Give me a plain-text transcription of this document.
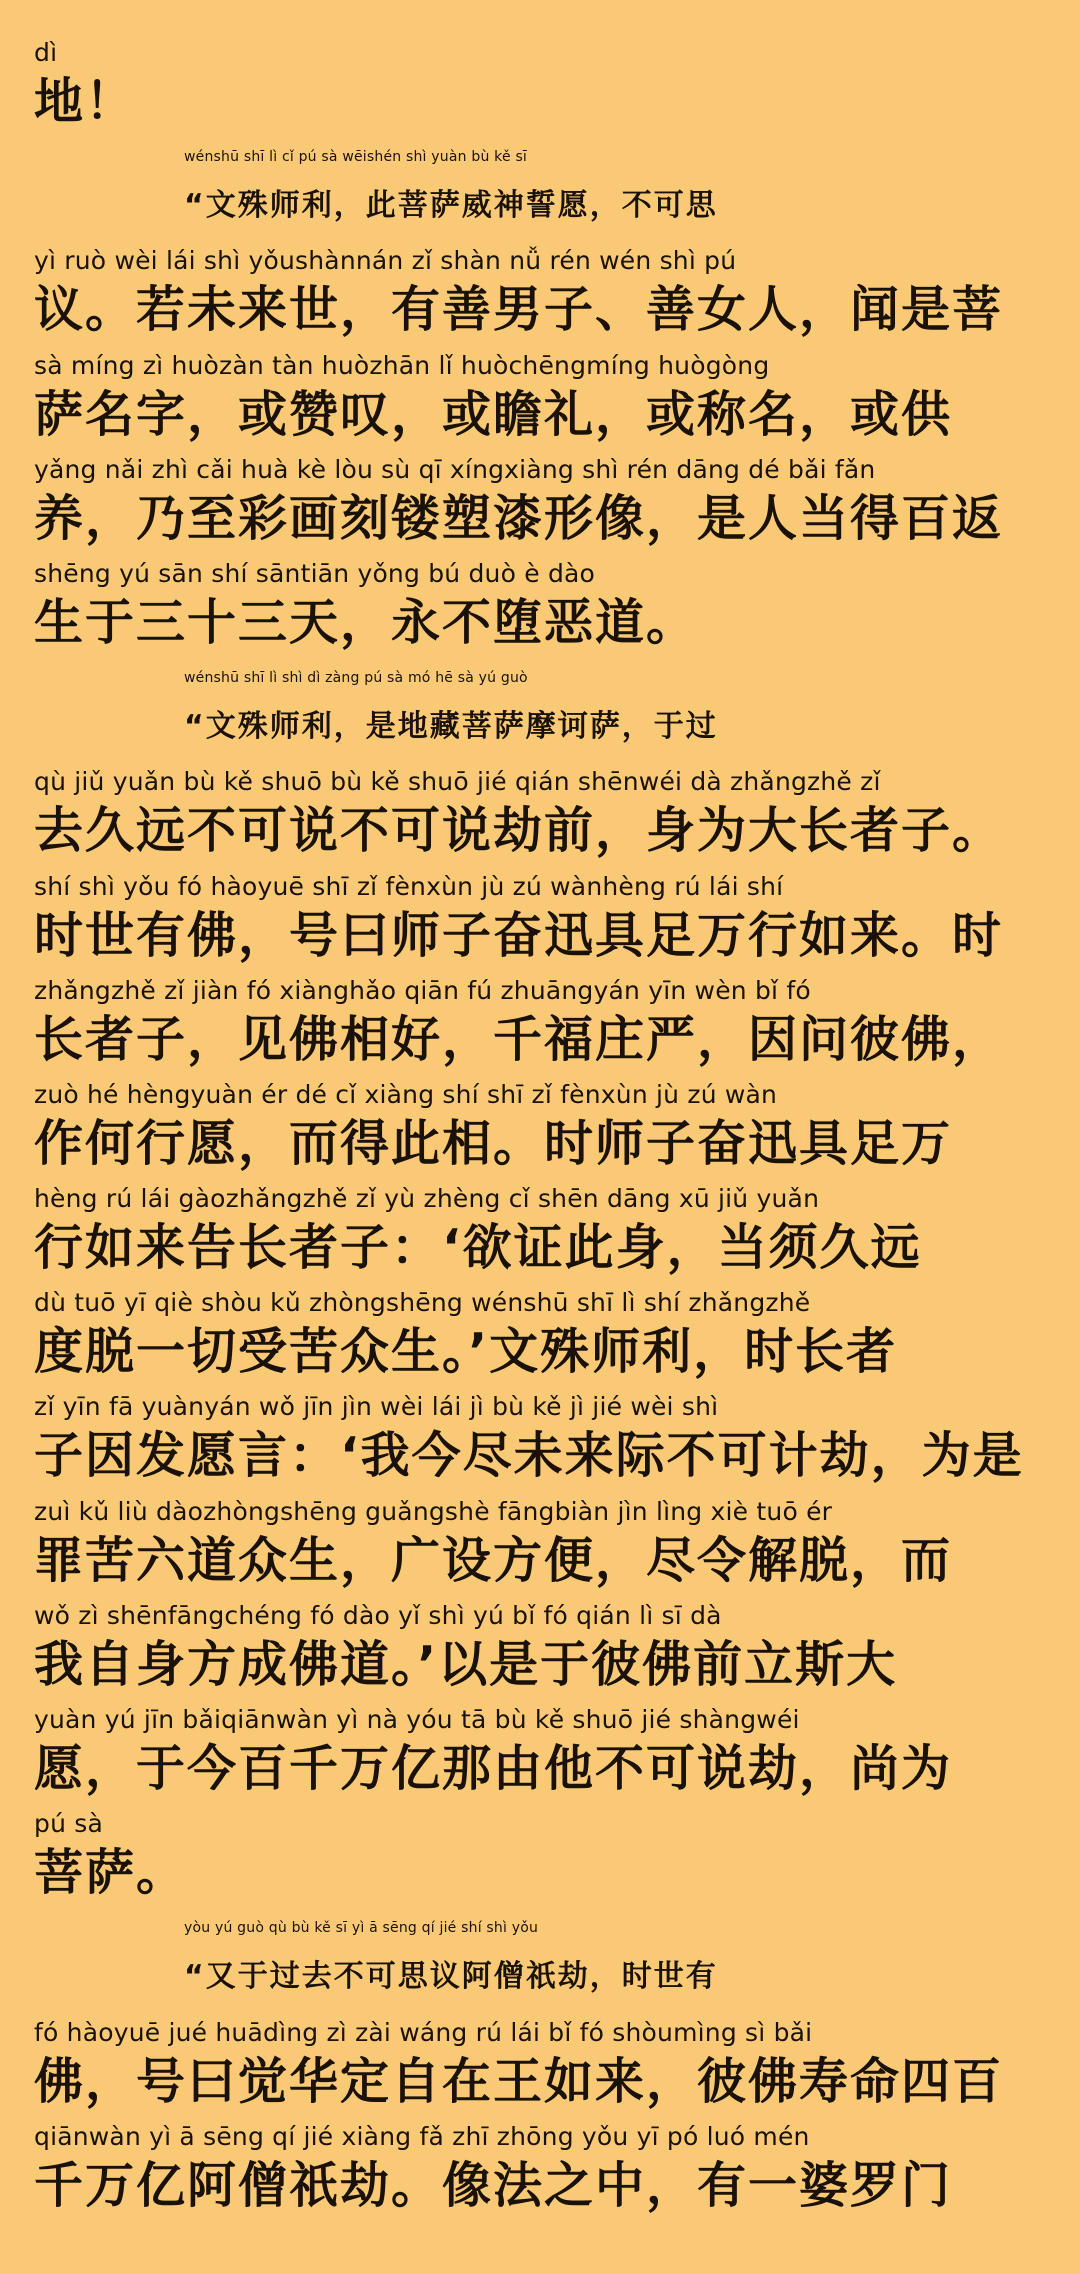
dì
地！
wénshū shī lì cǐ pú sà wēishén shì yuàn bù kě sī
“文殊师利，此菩萨威神誓愿，不可思
yì ruò wèi lái shì yǒushànnán zǐ shàn nǚ rén wén shì pú
议。若未来世，有善男子、善女人，闻是菩
sà míng zì huòzàn tàn huòzhān lǐ huòchēngmíng huògòng
萨名字，或赞叹，或瞻礼，或称名，或供
yǎng nǎi zhì cǎi huà kè lòu sù qī xíngxiàng shì rén dāng dé bǎi fǎn
养，乃至彩画刻镂塑漆形像，是人当得百返
shēng yú sān shí sāntiān yǒng bú duò è dào
生于三十三天，永不堕恶道。
wénshū shī lì shì dì zàng pú sà mó hē sà yú guò
“文殊师利，是地藏菩萨摩诃萨，于过
qù jiǔ yuǎn bù kě shuō bù kě shuō jié qián shēnwéi dà zhǎngzhě zǐ
去久远不可说不可说劫前，身为大长者子。
shí shì yǒu fó hàoyuē shī zǐ fènxùn jù zú wànhèng rú lái shí
时世有佛，号曰师子奋迅具足万行如来。时
zhǎngzhě zǐ jiàn fó xiànghǎo qiān fú zhuāngyán yīn wèn bǐ fó
长者子，见佛相好，千福庄严，因问彼佛，
zuò hé hèngyuàn ér dé cǐ xiàng shí shī zǐ fènxùn jù zú wàn
作何行愿，而得此相。时师子奋迅具足万
hèng rú lái gàozhǎngzhě zǐ yù zhèng cǐ shēn dāng xū jiǔ yuǎn
行如来告长者子：‘欲证此身，当须久远
dù tuō yī qiè shòu kǔ zhòngshēng wénshū shī lì shí zhǎngzhě
度脱一切受苦众生。’文殊师利，时长者
zǐ yīn fā yuànyán wǒ jīn jìn wèi lái jì bù kě jì jié wèi shì
子因发愿言：‘我今尽未来际不可计劫，为是
zuì kǔ liù dàozhòngshēng guǎngshè fāngbiàn jìn lìng xiè tuō ér
罪苦六道众生，广设方便，尽令解脱，而
wǒ zì shēnfāngchéng fó dào yǐ shì yú bǐ fó qián lì sī dà
我自身方成佛道。’以是于彼佛前立斯大
yuàn yú jīn bǎiqiānwàn yì nà yóu tā bù kě shuō jié shàngwéi
愿，于今百千万亿那由他不可说劫，尚为
pú sà
菩萨。
yòu yú guò qù bù kě sī yì ā sēng qí jié shí shì yǒu
“又于过去不可思议阿僧祇劫，时世有
fó hàoyuē jué huādìng zì zài wáng rú lái bǐ fó shòumìng sì bǎi
佛，号曰觉华定自在王如来，彼佛寿命四百
qiānwàn yì ā sēng qí jié xiàng fǎ zhī zhōng yǒu yī pó luó mén
千万亿阿僧祇劫。像法之中，有一婆罗门
